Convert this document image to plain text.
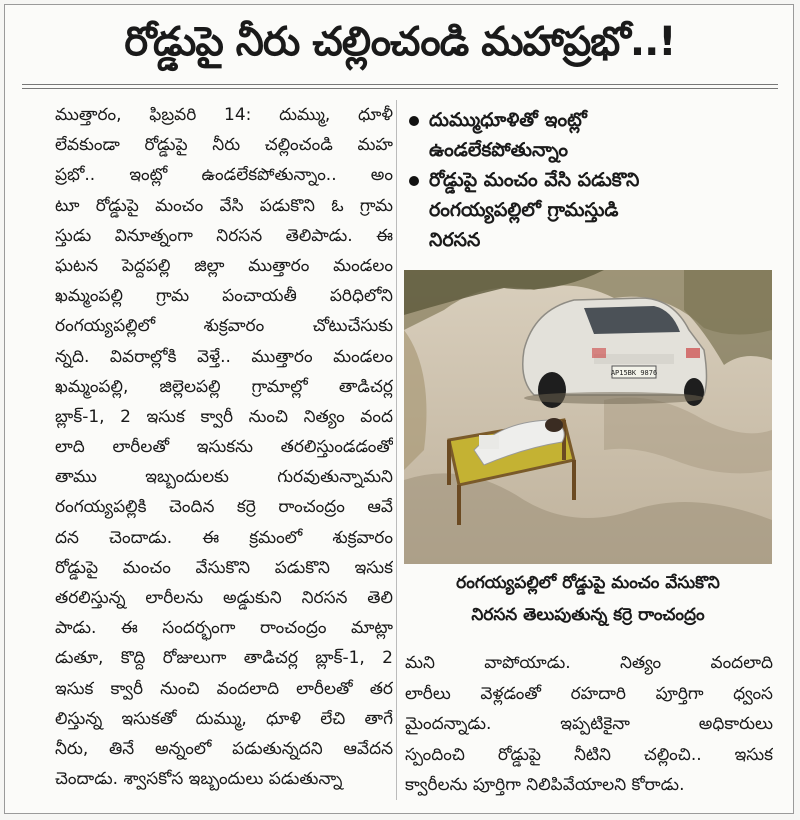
రోడ్డుపై నీరు చల్లించండి మహాప్రభో..!
ముత్తారం, ఫిబ్రవరి 14: దుమ్ము, ధూళీ
లేవకుండా రోడ్డుపై నీరు చల్లించండి మహ
ప్రభో.. ఇంట్లో ఉండలేకపోతున్నాం.. అం
టూ రోడ్డుపై మంచం వేసి పడుకొని ఓ గ్రామ
స్తుడు వినూత్నంగా నిరసన తెలిపాడు. ఈ
ఘటన పెద్దపల్లి జిల్లా ముత్తారం మండలం
ఖమ్మంపల్లి గ్రామ పంచాయతీ పరిధిలోని
రంగయ్యపల్లిలో శుక్రవారం చోటుచేసుకు
న్నది. వివరాల్లోకి వెళ్తే.. ముత్తారం మండలం
ఖమ్మంపల్లి, జిల్లెలపల్లి గ్రామాల్లో తాడిచర్ల
బ్లాక్-1, 2 ఇసుక క్వారీ నుంచి నిత్యం వంద
లాది లారీలతో ఇసుకను తరలిస్తుండడంతో
తాము ఇబ్బందులకు గురవుతున్నామని
రంగయ్యపల్లికి చెందిన కర్రె రాంచంద్రం ఆవే
దన చెందాడు. ఈ క్రమంలో శుక్రవారం
రోడ్డుపై మంచం వేసుకొని పడుకొని ఇసుక
తరలిస్తున్న లారీలను అడ్డుకుని నిరసన తెలి
పాడు. ఈ సందర్భంగా రాంచంద్రం మాట్లా
డుతూ, కొద్ది రోజులుగా తాడిచర్ల బ్లాక్-1, 2
ఇసుక క్వారీ నుంచి వందలాది లారీలతో తర
లిస్తున్న ఇసుకతో దుమ్ము, ధూళి లేచి తాగే
నీరు, తినే అన్నంలో పడుతున్నదని ఆవేదన
చెందాడు. శ్వాసకోస ఇబ్బందులు పడుతున్నా
దుమ్ముధూళితో ఇంట్లో
ఉండలేకపోతున్నాం
రోడ్డుపై మంచం వేసి పడుకొని
రంగయ్యపల్లిలో గ్రామస్తుడి
నిరసన
AP15BK 9876
రంగయ్యపల్లిలో రోడ్డుపై మంచం వేసుకొని
నిరసన తెలుపుతున్న కర్రె రాంచంద్రం
మని వాపోయాడు. నిత్యం వందలాది
లారీలు వెళ్లడంతో రహదారి పూర్తిగా ధ్వంస
మైందన్నాడు. ఇప్పటికైనా అధికారులు
స్పందించి రోడ్డుపై నీటిని చల్లించి.. ఇసుక
క్వారీలను పూర్తిగా నిలిపివేయాలని కోరాడు.
